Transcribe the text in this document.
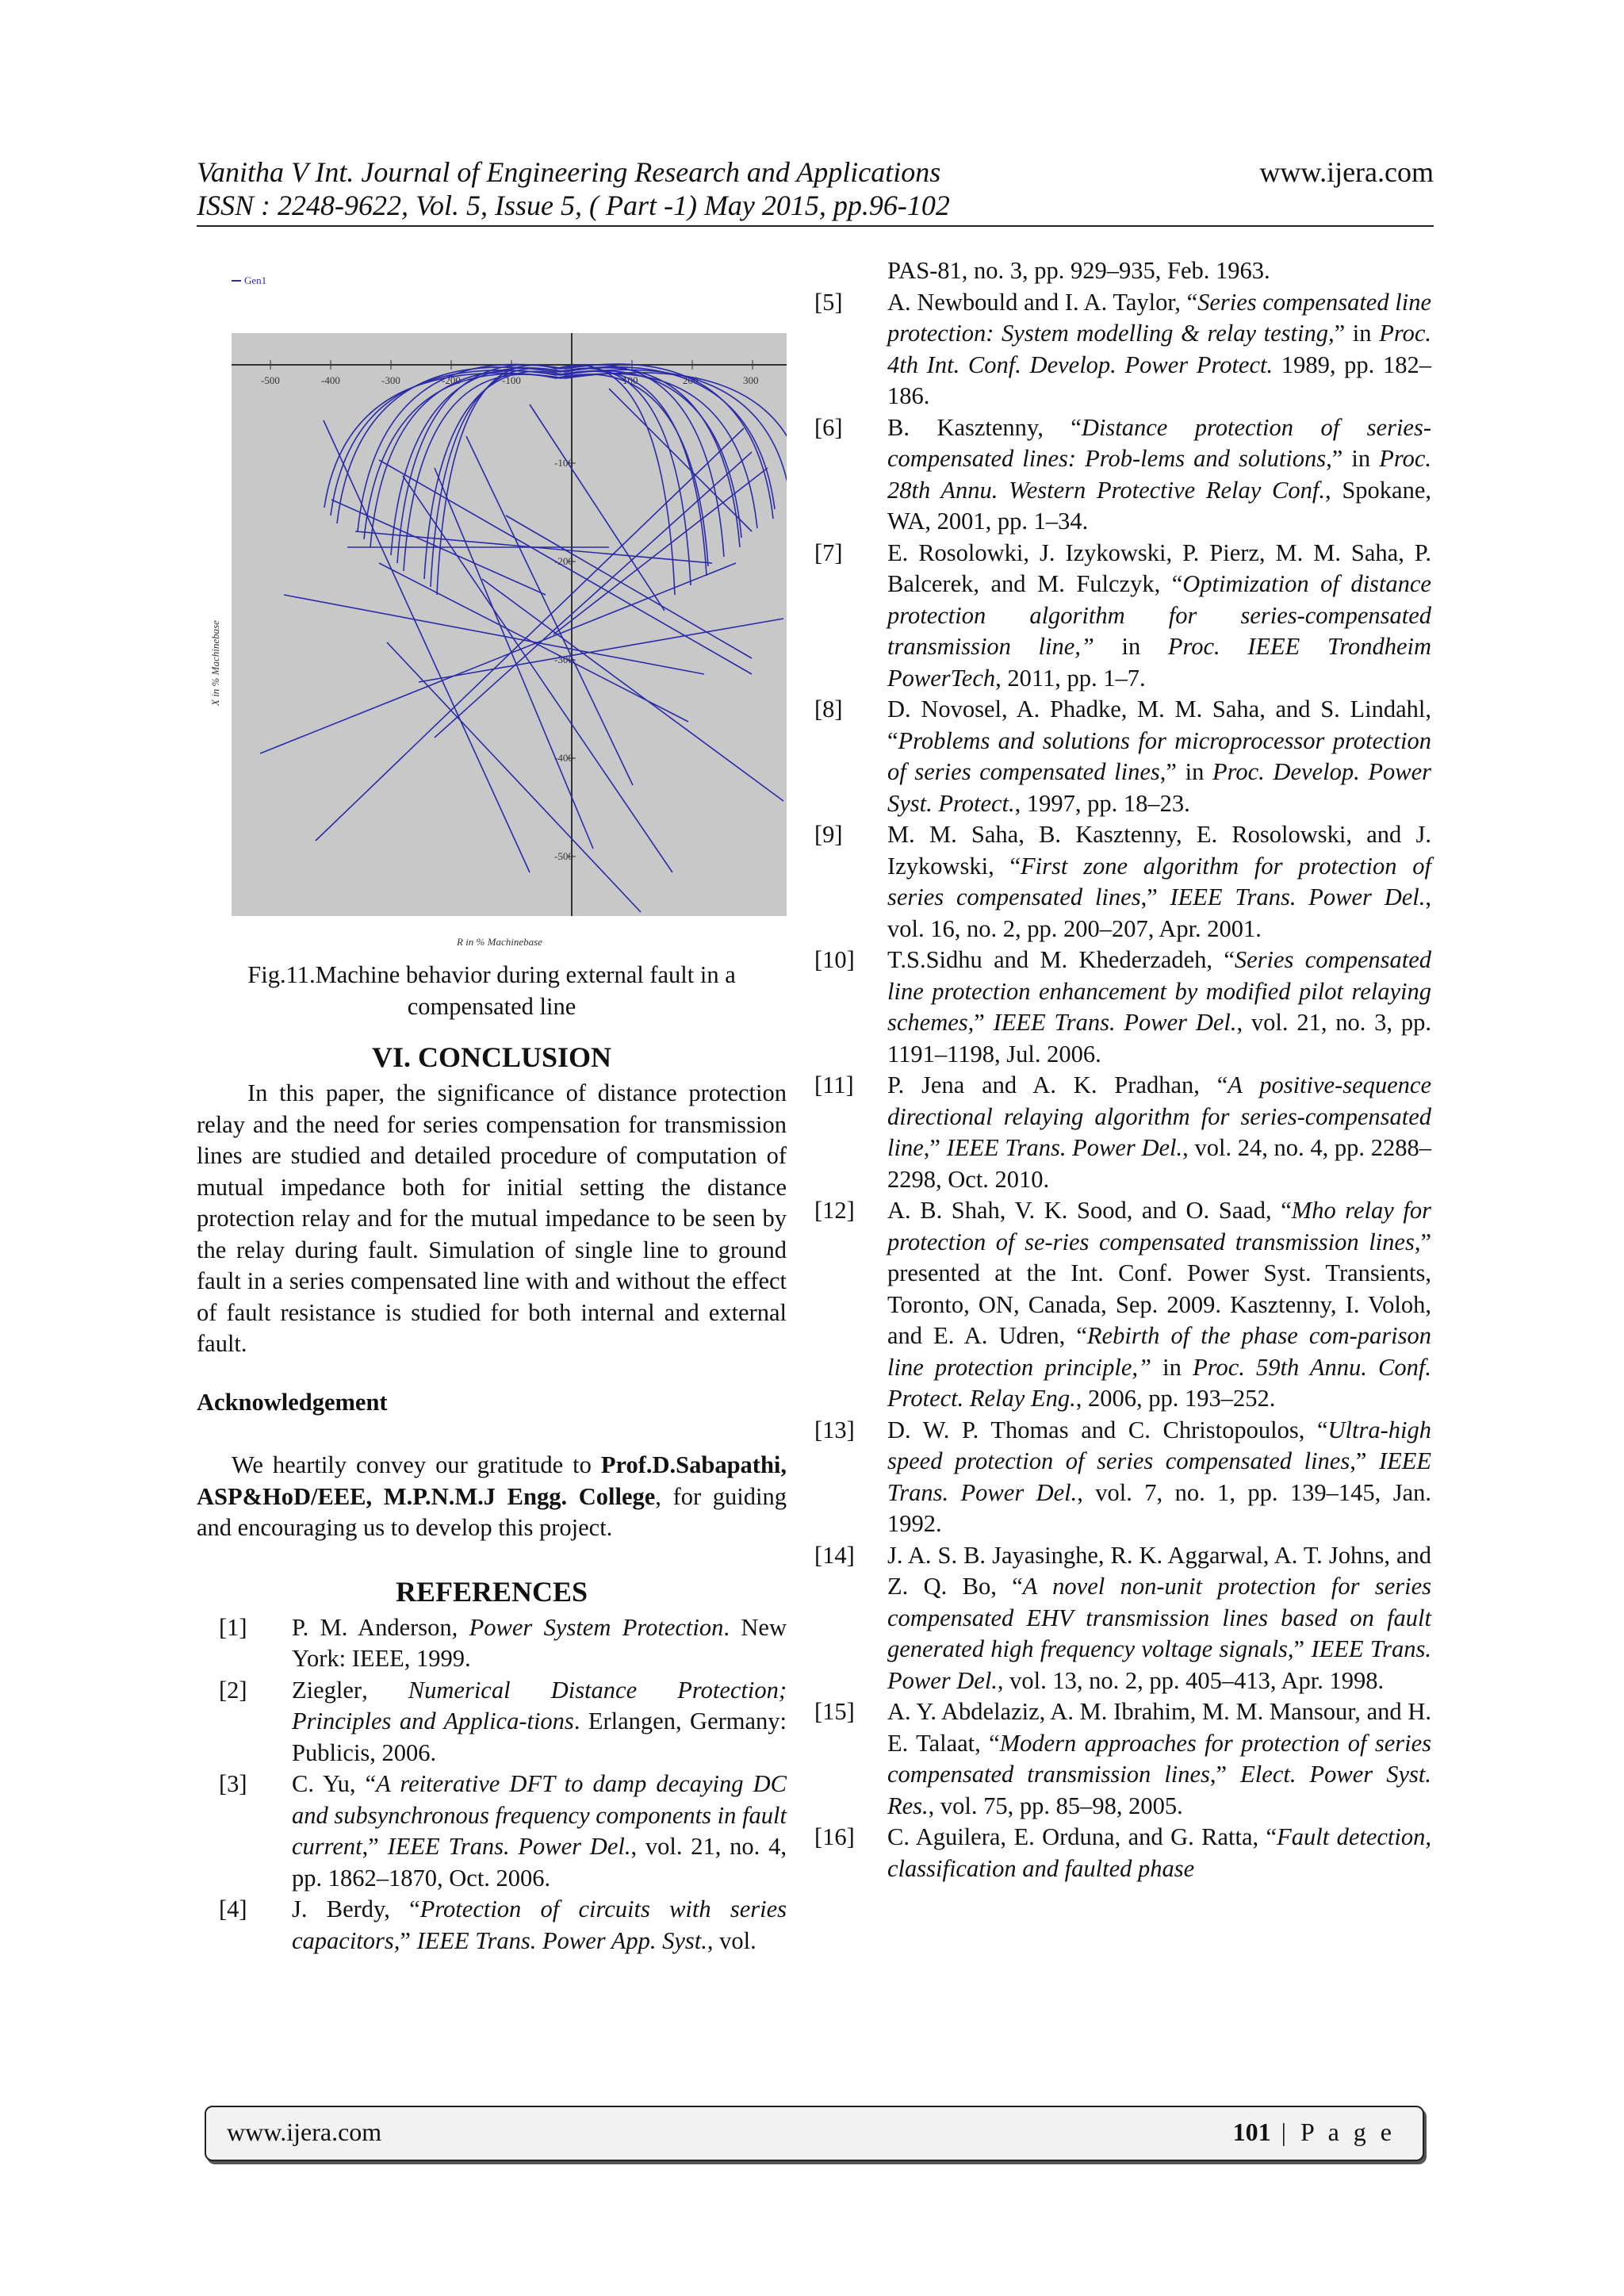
Vanitha V Int. Journal of Engineering Research and Applications	www.ijera.com
ISSN : 2248-9622, Vol. 5, Issue 5, ( Part -1) May 2015, pp.96-102
Gen1
-500	-400	-300	-200	-100	100	200	300
-100
-200
-300
-400
-500
X in % Machinebase
R in % Machinebase
Fig.11.Machine behavior during external fault in a compensated line
VI. CONCLUSION

In this paper, the significance of distance protection relay and the need for series compensation for transmission lines are studied and detailed procedure of computation of mutual impedance both for initial setting the distance protection relay and for the mutual impedance to be seen by the relay during fault. Simulation of single line to ground fault in a series compensated line with and without the effect of fault resistance is studied for both internal and external fault.

Acknowledgement

We heartily convey our gratitude to Prof.D.Sabapathi, ASP&HoD/EEE, M.P.N.M.J Engg. College, for guiding and encouraging us to develop this project.

REFERENCES
[1]	P. M. Anderson, Power System Protection. New York: IEEE, 1999.
[2]	Ziegler, Numerical Distance Protection; Principles and Applica-tions. Erlangen, Germany: Publicis, 2006.
[3]	C. Yu, “A reiterative DFT to damp decaying DC and subsynchronous frequency components in fault current,” IEEE Trans. Power Del., vol. 21, no. 4, pp. 1862–1870, Oct. 2006.
[4]	J. Berdy, “Protection of circuits with series capacitors,” IEEE Trans. Power App. Syst., vol.
PAS-81, no. 3, pp. 929–935, Feb. 1963.
[5]	A. Newbould and I. A. Taylor, “Series compensated line protection: System modelling & relay testing,” in Proc. 4th Int. Conf. Develop. Power Protect. 1989, pp. 182–186.
[6]	B. Kasztenny, “Distance protection of series-compensated lines: Prob-lems and solutions,” in Proc. 28th Annu. Western Protective Relay Conf., Spokane, WA, 2001, pp. 1–34.
[7]	E. Rosolowki, J. Izykowski, P. Pierz, M. M. Saha, P. Balcerek, and M. Fulczyk, “Optimization of distance protection algorithm for series-compensated transmission line,” in Proc. IEEE Trondheim PowerTech, 2011, pp. 1–7.
[8]	D. Novosel, A. Phadke, M. M. Saha, and S. Lindahl, “Problems and solutions for microprocessor protection of series compensated lines,” in Proc. Develop. Power Syst. Protect., 1997, pp. 18–23.
[9]	M. M. Saha, B. Kasztenny, E. Rosolowski, and J. Izykowski, “First zone algorithm for protection of series compensated lines,” IEEE Trans. Power Del., vol. 16, no. 2, pp. 200–207, Apr. 2001.
[10]	T.S.Sidhu and M. Khederzadeh, “Series compensated line protection enhancement by modified pilot relaying schemes,” IEEE Trans. Power Del., vol. 21, no. 3, pp. 1191–1198, Jul. 2006.
[11]	P. Jena and A. K. Pradhan, “A positive-sequence directional relaying algorithm for series-compensated line,” IEEE Trans. Power Del., vol. 24, no. 4, pp. 2288–2298, Oct. 2010.
[12]	A. B. Shah, V. K. Sood, and O. Saad, “Mho relay for protection of se-ries compensated transmission lines,” presented at the Int. Conf. Power Syst. Transients, Toronto, ON, Canada, Sep. 2009. Kasztenny, I. Voloh, and E. A. Udren, “Rebirth of the phase com-parison line protection principle,” in Proc. 59th Annu. Conf. Protect. Relay Eng., 2006, pp. 193–252.
[13]	D. W. P. Thomas and C. Christopoulos, “Ultra-high speed protection of series compensated lines,” IEEE Trans. Power Del., vol. 7, no. 1, pp. 139–145, Jan. 1992.
[14]	J. A. S. B. Jayasinghe, R. K. Aggarwal, A. T. Johns, and Z. Q. Bo, “A novel non-unit protection for series compensated EHV transmission lines based on fault generated high frequency voltage signals,” IEEE Trans. Power Del., vol. 13, no. 2, pp. 405–413, Apr. 1998.
[15]	A. Y. Abdelaziz, A. M. Ibrahim, M. M. Mansour, and H. E. Talaat, “Modern approaches for protection of series compensated transmission lines,” Elect. Power Syst. Res., vol. 75, pp. 85–98, 2005.
[16]	C. Aguilera, E. Orduna, and G. Ratta, “Fault detection, classification and faulted phase
www.ijera.com	101 | P a g e
